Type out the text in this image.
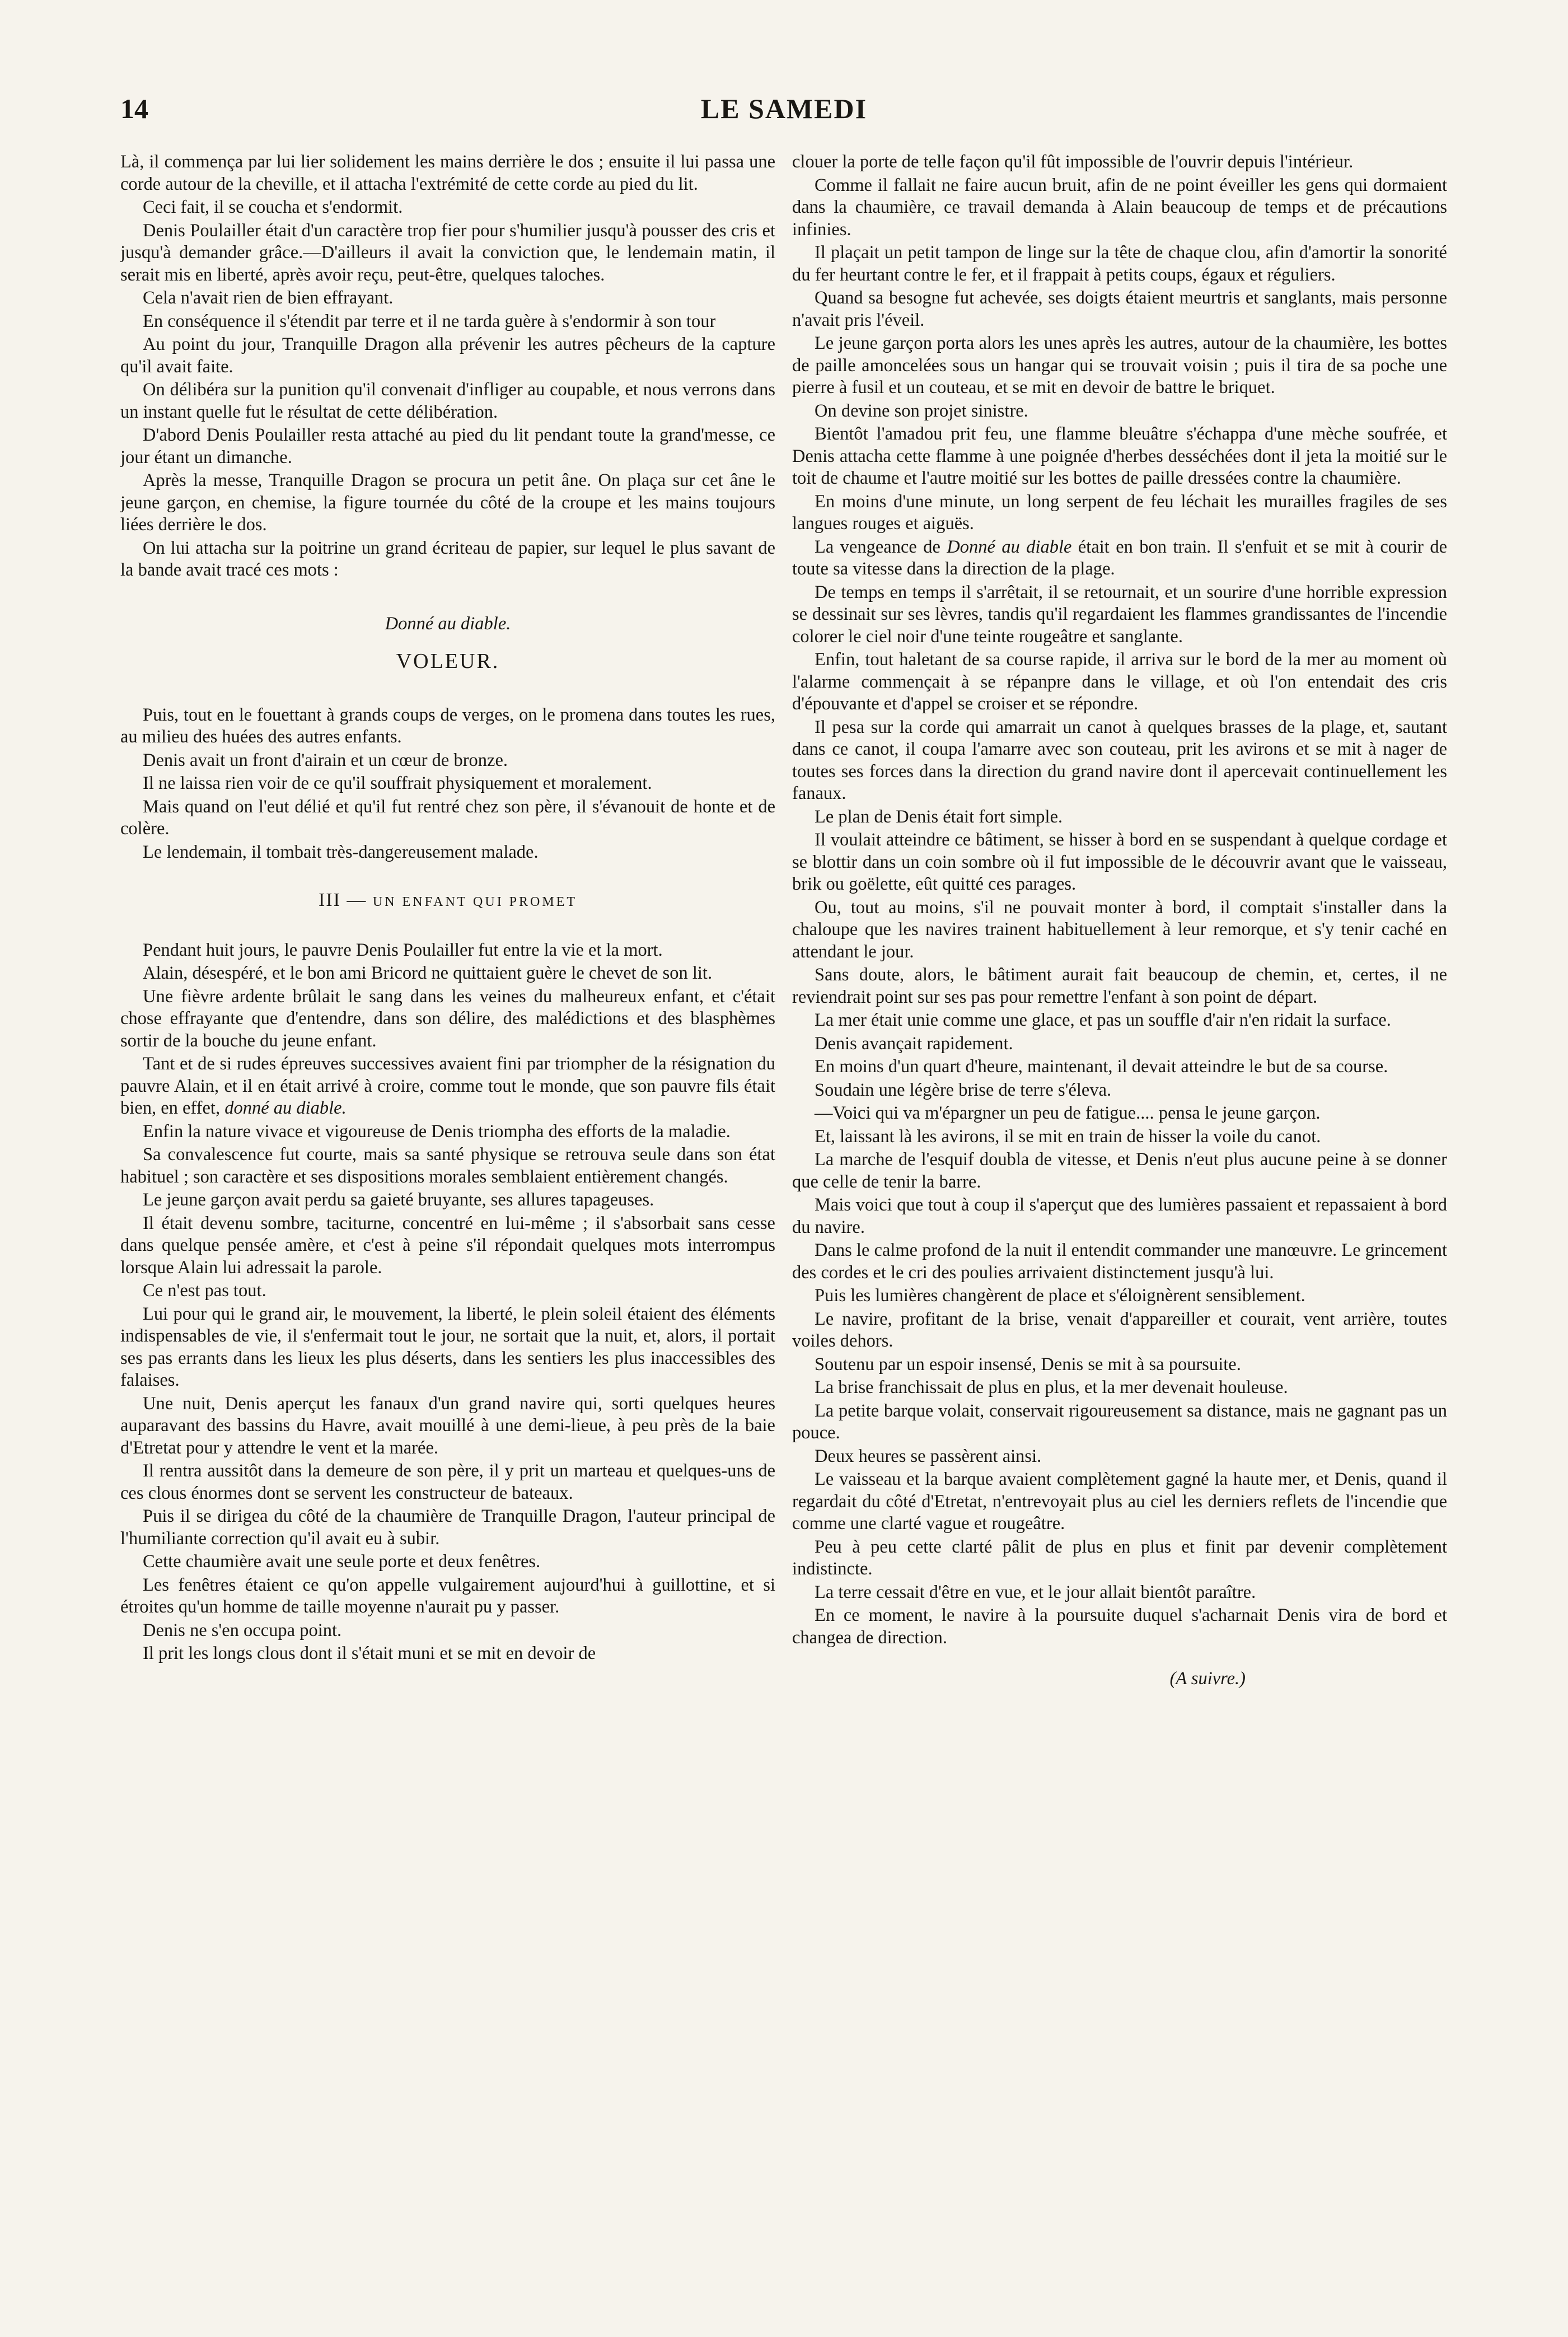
14	LE SAMEDI

Là, il commença par lui lier solidement les mains derrière le dos ; ensuite il lui passa une corde autour de la cheville, et il attacha l'extrémité de cette corde au pied du lit.

Ceci fait, il se coucha et s'endormit.

Denis Poulailler était d'un caractère trop fier pour s'humilier jusqu'à pousser des cris et jusqu'à demander grâce.—D'ailleurs il avait la conviction que, le lendemain matin, il serait mis en liberté, après avoir reçu, peut-être, quelques taloches.

Cela n'avait rien de bien effrayant.

En conséquence il s'étendit par terre et il ne tarda guère à s'endormir à son tour

Au point du jour, Tranquille Dragon alla prévenir les autres pêcheurs de la capture qu'il avait faite.

On délibéra sur la punition qu'il convenait d'infliger au coupable, et nous verrons dans un instant quelle fut le résultat de cette délibération.

D'abord Denis Poulailler resta attaché au pied du lit pendant toute la grand'messe, ce jour étant un dimanche.

Après la messe, Tranquille Dragon se procura un petit âne. On plaça sur cet âne le jeune garçon, en chemise, la figure tournée du côté de la croupe et les mains toujours liées derrière le dos.

On lui attacha sur la poitrine un grand écriteau de papier, sur lequel le plus savant de la bande avait tracé ces mots :

Donné au diable.

VOLEUR.

Puis, tout en le fouettant à grands coups de verges, on le promena dans toutes les rues, au milieu des huées des autres enfants.

Denis avait un front d'airain et un cœur de bronze.

Il ne laissa rien voir de ce qu'il souffrait physiquement et moralement.

Mais quand on l'eut délié et qu'il fut rentré chez son père, il s'évanouit de honte et de colère.

Le lendemain, il tombait très-dangereusement malade.

III — UN ENFANT QUI PROMET

Pendant huit jours, le pauvre Denis Poulailler fut entre la vie et la mort.

Alain, désespéré, et le bon ami Bricord ne quittaient guère le chevet de son lit.

Une fièvre ardente brûlait le sang dans les veines du malheureux enfant, et c'était chose effrayante que d'entendre, dans son délire, des malédictions et des blasphèmes sortir de la bouche du jeune enfant.

Tant et de si rudes épreuves successives avaient fini par triompher de la résignation du pauvre Alain, et il en était arrivé à croire, comme tout le monde, que son pauvre fils était bien, en effet, donné au diable.

Enfin la nature vivace et vigoureuse de Denis triompha des efforts de la maladie.

Sa convalescence fut courte, mais sa santé physique se retrouva seule dans son état habituel ; son caractère et ses dispositions morales semblaient entièrement changés.

Le jeune garçon avait perdu sa gaieté bruyante, ses allures tapageuses.

Il était devenu sombre, taciturne, concentré en lui-même ; il s'absorbait sans cesse dans quelque pensée amère, et c'est à peine s'il répondait quelques mots interrompus lorsque Alain lui adressait la parole.

Ce n'est pas tout.

Lui pour qui le grand air, le mouvement, la liberté, le plein soleil étaient des éléments indispensables de vie, il s'enfermait tout le jour, ne sortait que la nuit, et, alors, il portait ses pas errants dans les lieux les plus déserts, dans les sentiers les plus inaccessibles des falaises.

Une nuit, Denis aperçut les fanaux d'un grand navire qui, sorti quelques heures auparavant des bassins du Havre, avait mouillé à une demi-lieue, à peu près de la baie d'Etretat pour y attendre le vent et la marée.

Il rentra aussitôt dans la demeure de son père, il y prit un marteau et quelques-uns de ces clous énormes dont se servent les constructeur de bateaux.

Puis il se dirigea du côté de la chaumière de Tranquille Dragon, l'auteur principal de l'humiliante correction qu'il avait eu à subir.

Cette chaumière avait une seule porte et deux fenêtres.

Les fenêtres étaient ce qu'on appelle vulgairement aujourd'hui à guillottine, et si étroites qu'un homme de taille moyenne n'aurait pu y passer.

Denis ne s'en occupa point.

Il prit les longs clous dont il s'était muni et se mit en devoir de

clouer la porte de telle façon qu'il fût impossible de l'ouvrir depuis l'intérieur.

Comme il fallait ne faire aucun bruit, afin de ne point éveiller les gens qui dormaient dans la chaumière, ce travail demanda à Alain beaucoup de temps et de précautions infinies.

Il plaçait un petit tampon de linge sur la tête de chaque clou, afin d'amortir la sonorité du fer heurtant contre le fer, et il frappait à petits coups, égaux et réguliers.

Quand sa besogne fut achevée, ses doigts étaient meurtris et sanglants, mais personne n'avait pris l'éveil.

Le jeune garçon porta alors les unes après les autres, autour de la chaumière, les bottes de paille amoncelées sous un hangar qui se trouvait voisin ; puis il tira de sa poche une pierre à fusil et un couteau, et se mit en devoir de battre le briquet.

On devine son projet sinistre.

Bientôt l'amadou prit feu, une flamme bleuâtre s'échappa d'une mèche soufrée, et Denis attacha cette flamme à une poignée d'herbes desséchées dont il jeta la moitié sur le toit de chaume et l'autre moitié sur les bottes de paille dressées contre la chaumière.

En moins d'une minute, un long serpent de feu léchait les murailles fragiles de ses langues rouges et aiguës.

La vengeance de Donné au diable était en bon train. Il s'enfuit et se mit à courir de toute sa vitesse dans la direction de la plage.

De temps en temps il s'arrêtait, il se retournait, et un sourire d'une horrible expression se dessinait sur ses lèvres, tandis qu'il regardaient les flammes grandissantes de l'incendie colorer le ciel noir d'une teinte rougeâtre et sanglante.

Enfin, tout haletant de sa course rapide, il arriva sur le bord de la mer au moment où l'alarme commençait à se répanpre dans le village, et où l'on entendait des cris d'épouvante et d'appel se croiser et se répondre.

Il pesa sur la corde qui amarrait un canot à quelques brasses de la plage, et, sautant dans ce canot, il coupa l'amarre avec son couteau, prit les avirons et se mit à nager de toutes ses forces dans la direction du grand navire dont il apercevait continuellement les fanaux.

Le plan de Denis était fort simple.

Il voulait atteindre ce bâtiment, se hisser à bord en se suspendant à quelque cordage et se blottir dans un coin sombre où il fut impossible de le découvrir avant que le vaisseau, brik ou goëlette, eût quitté ces parages.

Ou, tout au moins, s'il ne pouvait monter à bord, il comptait s'installer dans la chaloupe que les navires trainent habituellement à leur remorque, et s'y tenir caché en attendant le jour.

Sans doute, alors, le bâtiment aurait fait beaucoup de chemin, et, certes, il ne reviendrait point sur ses pas pour remettre l'enfant à son point de départ.

La mer était unie comme une glace, et pas un souffle d'air n'en ridait la surface.

Denis avançait rapidement.

En moins d'un quart d'heure, maintenant, il devait atteindre le but de sa course.

Soudain une légère brise de terre s'éleva.

—Voici qui va m'épargner un peu de fatigue.... pensa le jeune garçon.

Et, laissant là les avirons, il se mit en train de hisser la voile du canot.

La marche de l'esquif doubla de vitesse, et Denis n'eut plus aucune peine à se donner que celle de tenir la barre.

Mais voici que tout à coup il s'aperçut que des lumières passaient et repassaient à bord du navire.

Dans le calme profond de la nuit il entendit commander une manœuvre. Le grincement des cordes et le cri des poulies arrivaient distinctement jusqu'à lui.

Puis les lumières changèrent de place et s'éloignèrent sensiblement.

Le navire, profitant de la brise, venait d'appareiller et courait, vent arrière, toutes voiles dehors.

Soutenu par un espoir insensé, Denis se mit à sa poursuite.

La brise franchissait de plus en plus, et la mer devenait houleuse.

La petite barque volait, conservait rigoureusement sa distance, mais ne gagnant pas un pouce.

Deux heures se passèrent ainsi.

Le vaisseau et la barque avaient complètement gagné la haute mer, et Denis, quand il regardait du côté d'Etretat, n'entrevoyait plus au ciel les derniers reflets de l'incendie que comme une clarté vague et rougeâtre.

Peu à peu cette clarté pâlit de plus en plus et finit par devenir complètement indistincte.

La terre cessait d'être en vue, et le jour allait bientôt paraître.

En ce moment, le navire à la poursuite duquel s'acharnait Denis vira de bord et changea de direction.

(A suivre.)
